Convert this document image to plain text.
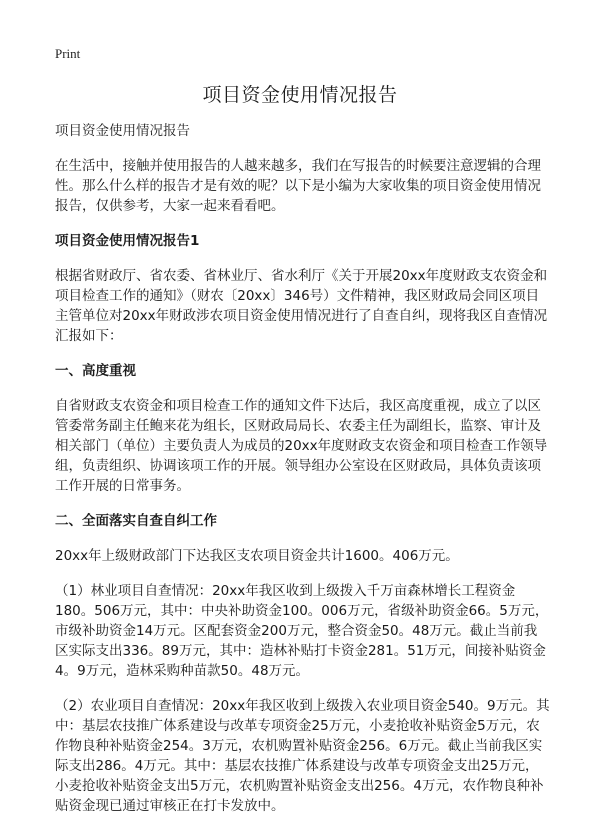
Print
项目资金使用情况报告

项目资金使用情况报告

在生活中，接触并使用报告的人越来越多，我们在写报告的时候要注意逻辑的合理性。那么什么样的报告才是有效的呢？以下是小编为大家收集的项目资金使用情况报告，仅供参考，大家一起来看看吧。

项目资金使用情况报告1

根据省财政厅、省农委、省林业厅、省水利厅《关于开展20xx年度财政支农资金和项目检查工作的通知》（财农〔20xx〕346号）文件精神，我区财政局会同区项目主管单位对20xx年财政涉农项目资金使用情况进行了自查自纠，现将我区自查情况汇报如下：

一、高度重视

自省财政支农资金和项目检查工作的通知文件下达后，我区高度重视，成立了以区管委常务副主任鲍来花为组长，区财政局局长、农委主任为副组长，监察、审计及相关部门（单位）主要负责人为成员的20xx年度财政支农资金和项目检查工作领导组，负责组织、协调该项工作的开展。领导组办公室设在区财政局，具体负责该项工作开展的日常事务。

二、全面落实自查自纠工作

20xx年上级财政部门下达我区支农项目资金共计1600。406万元。

（1）林业项目自查情况：20xx年我区收到上级拨入千万亩森林增长工程资金180。506万元，其中：中央补助资金100。006万元，省级补助资金66。5万元，市级补助资金14万元。区配套资金200万元，整合资金50。48万元。截止当前我区实际支出336。89万元，其中：造林补贴打卡资金281。51万元，间接补贴资金4。9万元，造林采购种苗款50。48万元。

（2）农业项目自查情况：20xx年我区收到上级拨入农业项目资金540。9万元。其中：基层农技推广体系建设与改革专项资金25万元，小麦抢收补贴资金5万元，农作物良种补贴资金254。3万元，农机购置补贴资金256。6万元。截止当前我区实际支出286。4万元。其中：基层农技推广体系建设与改革专项资金支出25万元，小麦抢收补贴资金支出5万元，农机购置补贴资金支出256。4万元，农作物良种补贴资金现已通过审核正在打卡发放中。
